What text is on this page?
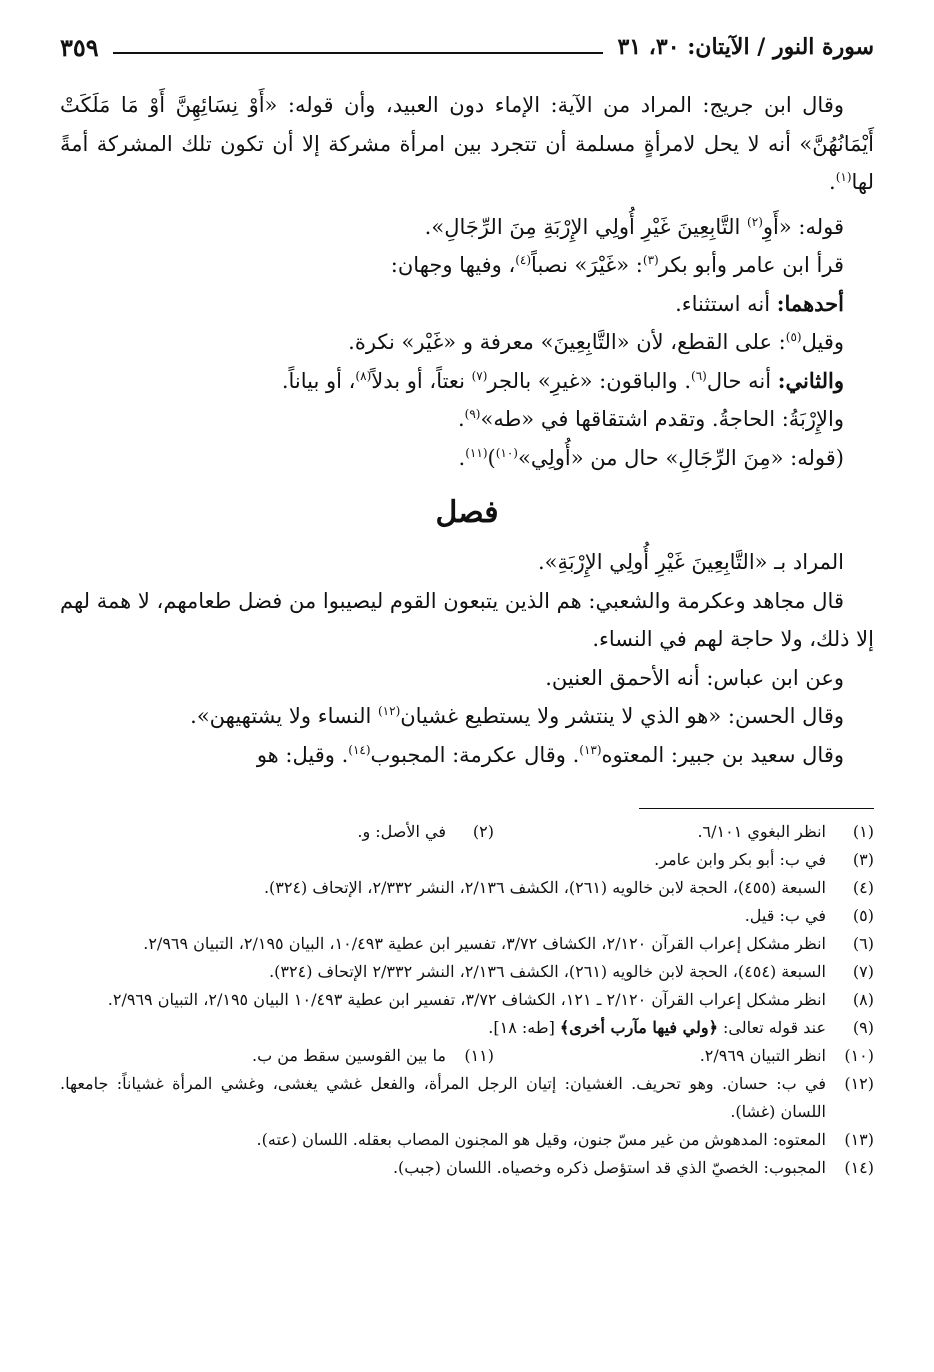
سورة النور / الآيتان: ٣٠، ٣١
٣٥٩

وقال ابن جريج: المراد من الآية: الإماء دون العبيد، وأن قوله: «أَوْ نِسَائِهِنَّ أَوْ مَا مَلَكَتْ أَيْمَانُهُنَّ» أنه لا يحل لامرأةٍ مسلمة أن تتجرد بين امرأة مشركة إلا أن تكون تلك المشركة أمةً لها$^{(١)}$.

قوله: «أَوِ$^{(٢)}$ التَّابِعِينَ غَيْرِ أُولِي الإِرْبَةِ مِنَ الرِّجَالِ».

قرأ ابن عامر وأبو بكر$^{(٣)}$: «غَيْرَ» نصباً$^{(٤)}$، وفيها وجهان:

أحدهما: أنه استثناء.

وقيل$^{(٥)}$: على القطع، لأن «التَّابِعِينَ» معرفة و «غَيْر» نكرة.

والثاني: أنه حال$^{(٦)}$. والباقون: «غيرِ» بالجر$^{(٧)}$ نعتاً، أو بدلاً$^{(٨)}$، أو بياناً.

والإِرْبَةُ: الحاجةُ. وتقدم اشتقاقها في «طه»$^{(٩)}$.

(قوله: «مِنَ الرِّجَالِ» حال من «أُولِي»$^{(١٠)}$)$^{(١١)}$.

فصل

المراد بـ «التَّابِعِينَ غَيْرِ أُولِي الإِرْبَةِ».

قال مجاهد وعكرمة والشعبي: هم الذين يتبعون القوم ليصيبوا من فضل طعامهم، لا همة لهم إلا ذلك، ولا حاجة لهم في النساء.

وعن ابن عباس: أنه الأحمق العنين.

وقال الحسن: «هو الذي لا ينتشر ولا يستطيع غشيان$^{(١٢)}$ النساء ولا يشتهيهن».

وقال سعيد بن جبير: المعتوه$^{(١٣)}$. وقال عكرمة: المجبوب$^{(١٤)}$. وقيل: هو

(١)
انظر البغوي ٦/١٠١.
(٢)
في الأصل: و.
(٣)
في ب: أبو بكر وابن عامر.
(٤)
السبعة (٤٥٥)، الحجة لابن خالويه (٢٦١)، الكشف ٢/١٣٦، النشر ٢/٣٣٢، الإتحاف (٣٢٤).
(٥)
في ب: قيل.
(٦)
انظر مشكل إعراب القرآن ٢/١٢٠، الكشاف ٣/٧٢، تفسير ابن عطية ١٠/٤٩٣، البيان ٢/١٩٥، التبيان ٢/٩٦٩.
(٧)
السبعة (٤٥٤)، الحجة لابن خالويه (٢٦١)، الكشف ٢/١٣٦، النشر ٢/٣٣٢ الإتحاف (٣٢٤).
(٨)
انظر مشكل إعراب القرآن ٢/١٢٠ ـ ١٢١، الكشاف ٣/٧٢، تفسير ابن عطية ١٠/٤٩٣ البيان ٢/١٩٥، التبيان ٢/٩٦٩.
(٩)
عند قوله تعالى: ﴿ولي فيها مآرب أخرى﴾ [طه: ١٨].
(١٠)
انظر التبيان ٢/٩٦٩.
(١١)
ما بين القوسين سقط من ب.
(١٢)
في ب: حسان. وهو تحريف. الغشيان: إتيان الرجل المرأة، والفعل غشي يغشى، وغشي المرأة غشياناً: جامعها. اللسان (غشا).
(١٣)
المعتوه: المدهوش من غير مسّ جنون، وقيل هو المجنون المصاب بعقله. اللسان (عته).
(١٤)
المجبوب: الخصيّ الذي قد استؤصل ذكره وخصياه. اللسان (جبب).
